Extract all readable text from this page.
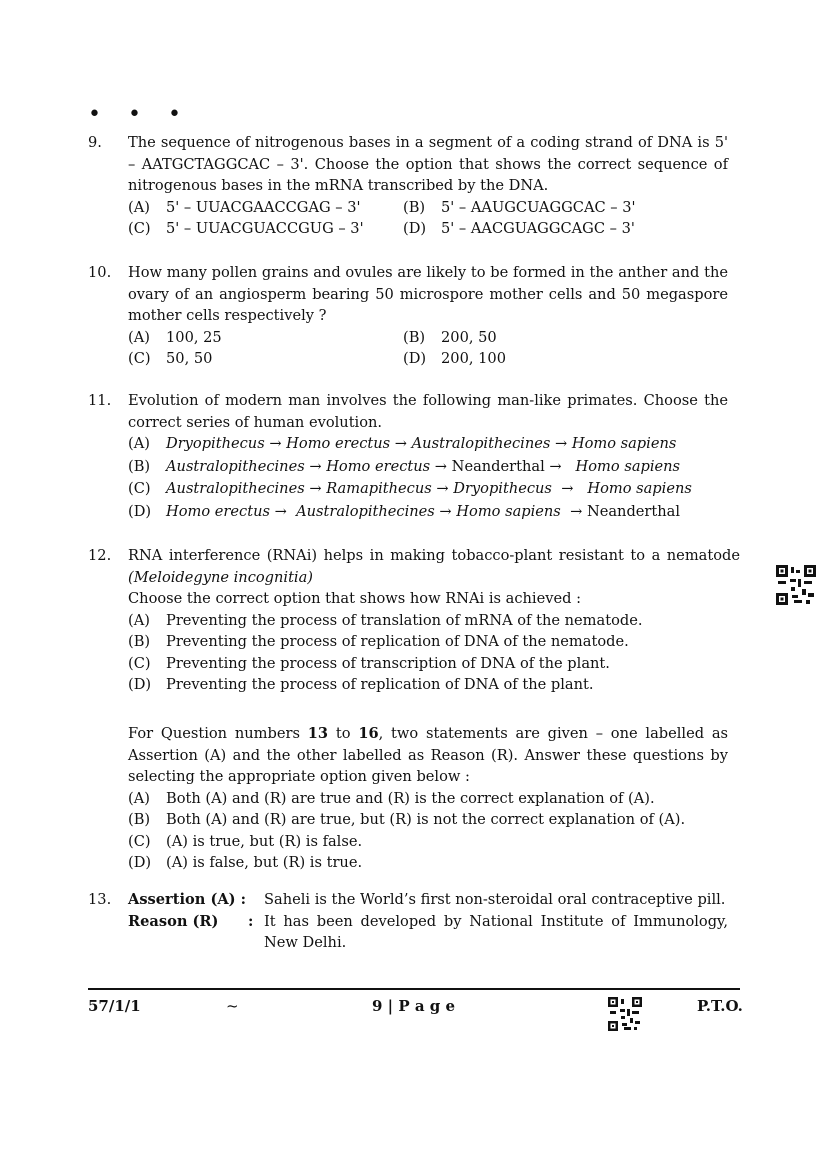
• • •
9. The sequence of nitrogenous bases in a segment of a coding strand of DNA is 5' – AATGCTAGGCAC – 3'. Choose the option that shows the correct sequence of nitrogenous bases in the mRNA transcribed by the DNA.
(A)	5' – UUACGAACCGAG – 3'	(B)	5' – AAUGCUAGGCAC – 3'
(C)	5' – UUACGUACCGUG – 3'	(D)	5' – AACGUAGGCAGC – 3'
10. How many pollen grains and ovules are likely to be formed in the anther and the ovary of an angiosperm bearing 50 microspore mother cells and 50 megaspore mother cells respectively ?
(A)	100, 25	(B)	200, 50
(C)	50, 50	(D)	200, 100
11. Evolution of modern man involves the following man-like primates. Choose the correct series of human evolution.
(A)	Dryopithecus → Homo erectus → Australopithecines → Homo sapiens
(B)	Australopithecines → Homo erectus → Neanderthal →   Homo sapiens
(C)	Australopithecines → Ramapithecus → Dryopithecus  →   Homo sapiens
(D)	Homo erectus →  Australopithecines → Homo sapiens  → Neanderthal
12. RNA interference (RNAi) helps in making tobacco-plant resistant to a nematode (Meloidegyne incognitia)
Choose the correct option that shows how RNAi is achieved :
(A)	Preventing the process of translation of mRNA of the nematode.
(B)	Preventing the process of replication of DNA of the nematode.
(C)	Preventing the process of transcription of DNA of the plant.
(D)	Preventing the process of replication of DNA of the plant.
For Question numbers 13 to 16, two statements are given – one labelled as Assertion (A) and the other labelled as Reason (R). Answer these questions by selecting the appropriate option given below :
(A)	Both (A) and (R) are true and (R) is the correct explanation of (A).
(B)	Both (A) and (R) are true, but (R) is not the correct explanation of (A).
(C)	(A) is true, but (R) is false.
(D)	(A) is false, but (R) is true.
13. Assertion (A) :	Saheli is the World’s first non-steroidal oral contraceptive pill.
Reason (R)	: It has been developed by National Institute of Immunology, New Delhi.
57/1/1	~	9 | P a g e	P.T.O.
